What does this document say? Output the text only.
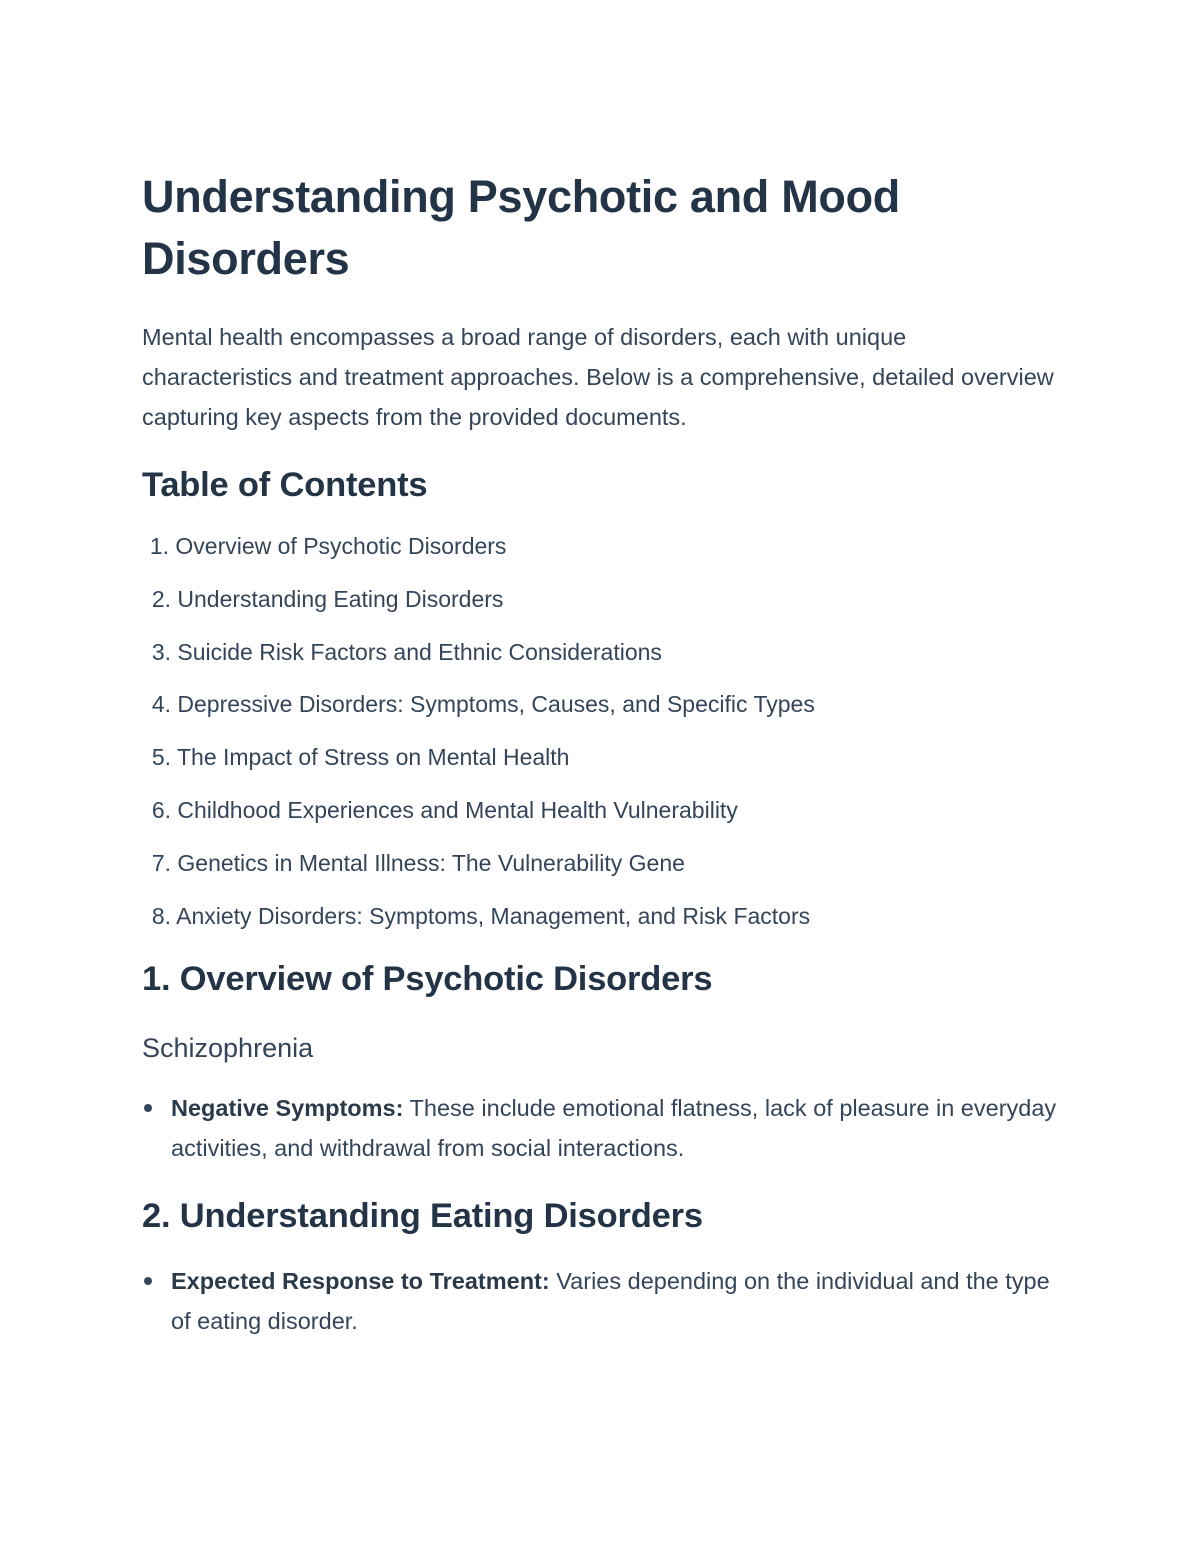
Understanding Psychotic and Mood Disorders

Mental health encompasses a broad range of disorders, each with unique characteristics and treatment approaches. Below is a comprehensive, detailed overview capturing key aspects from the provided documents.

Table of Contents
1. Overview of Psychotic Disorders
2. Understanding Eating Disorders
3. Suicide Risk Factors and Ethnic Considerations
4. Depressive Disorders: Symptoms, Causes, and Specific Types
5. The Impact of Stress on Mental Health
6. Childhood Experiences and Mental Health Vulnerability
7. Genetics in Mental Illness: The Vulnerability Gene
8. Anxiety Disorders: Symptoms, Management, and Risk Factors
1. Overview of Psychotic Disorders
Schizophrenia
Negative Symptoms: These include emotional flatness, lack of pleasure in everyday activities, and withdrawal from social interactions.
2. Understanding Eating Disorders
Expected Response to Treatment: Varies depending on the individual and the type of eating disorder.
